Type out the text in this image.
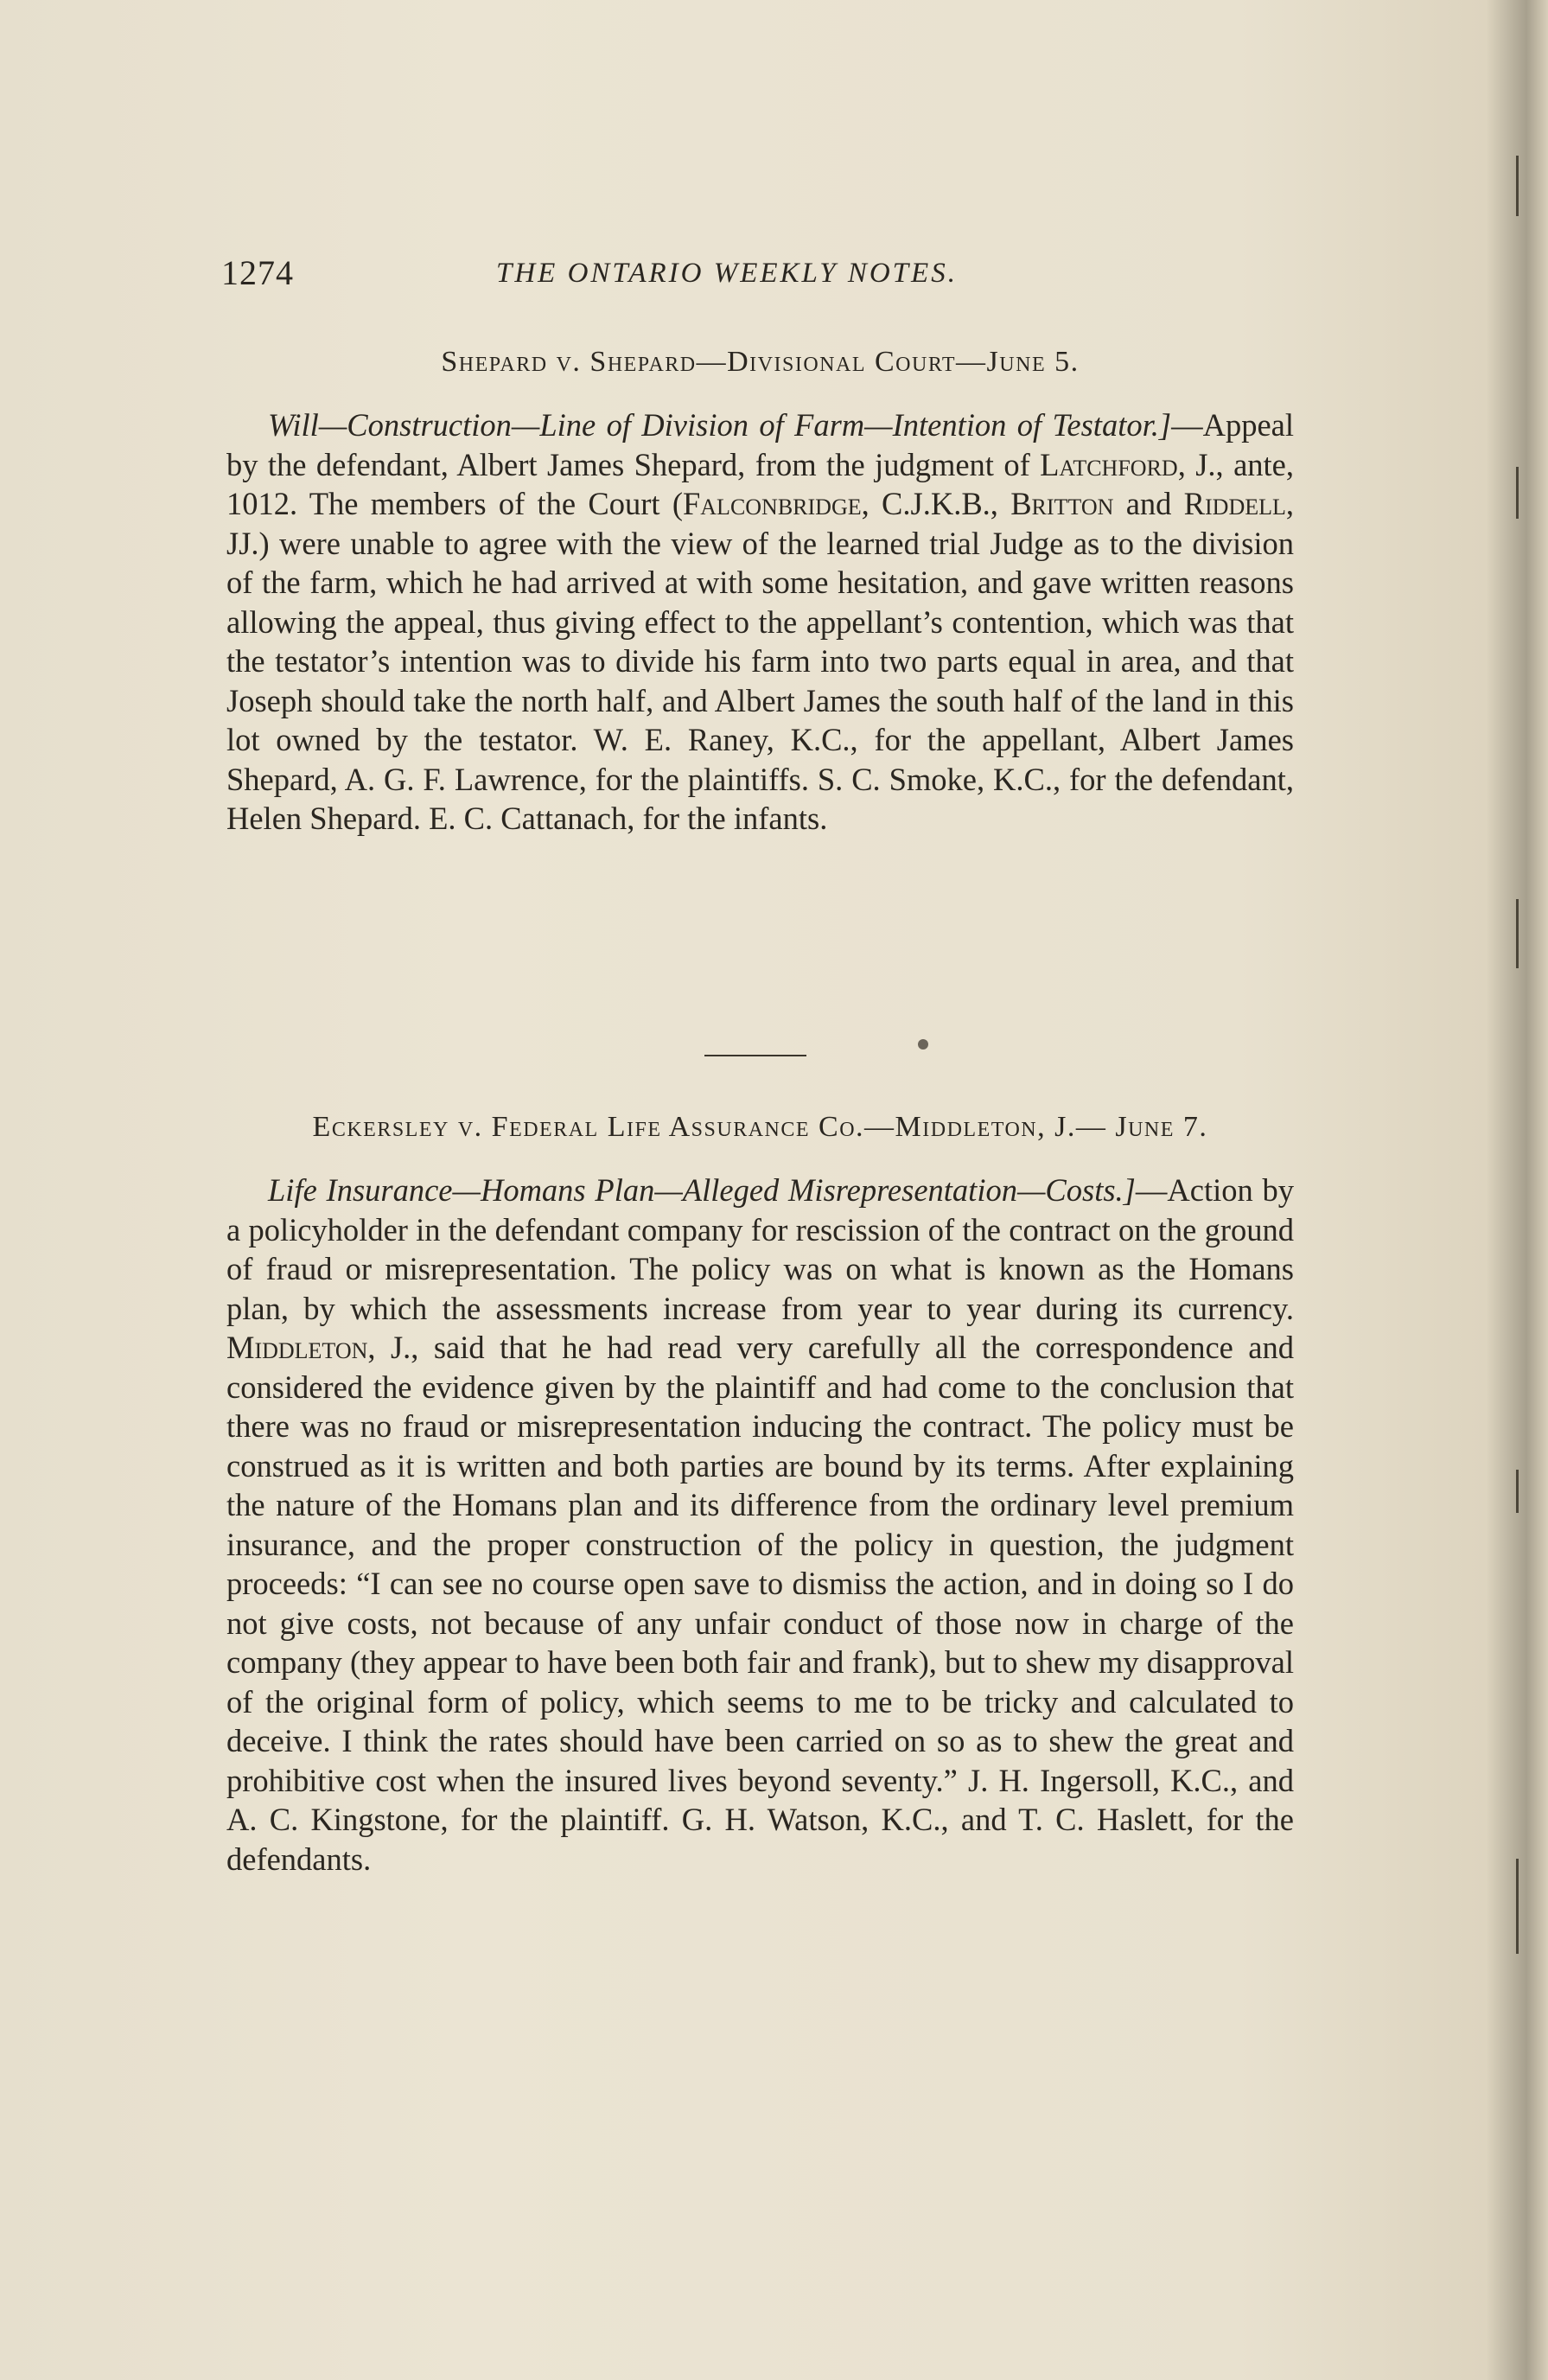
1274	THE ONTARIO WEEKLY NOTES.
Shepard v. Shepard—Divisional Court—June 5.
Will—Construction—Line of Division of Farm—Intention of Testator.]—Appeal by the defendant, Albert James Shepard, from the judgment of Latchford, J., ante, 1012. The members of the Court (Falconbridge, C.J.K.B., Britton and Riddell, JJ.) were unable to agree with the view of the learned trial Judge as to the division of the farm, which he had arrived at with some hesitation, and gave written reasons allowing the appeal, thus giving effect to the appellant’s contention, which was that the testator’s intention was to divide his farm into two parts equal in area, and that Joseph should take the north half, and Albert James the south half of the land in this lot owned by the testator. W. E. Raney, K.C., for the appellant, Albert James Shepard, A. G. F. Lawrence, for the plaintiffs. S. C. Smoke, K.C., for the defendant, Helen Shepard. E. C. Cattanach, for the infants.
Eckersley v. Federal Life Assurance Co.—Middleton, J.— June 7.
Life Insurance—Homans Plan—Alleged Misrepresentation—Costs.]—Action by a policyholder in the defendant company for rescission of the contract on the ground of fraud or misrepresentation. The policy was on what is known as the Homans plan, by which the assessments increase from year to year during its currency. Middleton, J., said that he had read very carefully all the correspondence and considered the evidence given by the plaintiff and had come to the conclusion that there was no fraud or misrepresentation inducing the contract. The policy must be construed as it is written and both parties are bound by its terms. After explaining the nature of the Homans plan and its difference from the ordinary level premium insurance, and the proper construction of the policy in question, the judgment proceeds: “I can see no course open save to dismiss the action, and in doing so I do not give costs, not because of any unfair conduct of those now in charge of the company (they appear to have been both fair and frank), but to shew my disapproval of the original form of policy, which seems to me to be tricky and calculated to deceive. I think the rates should have been carried on so as to shew the great and prohibitive cost when the insured lives beyond seventy.” J. H. Ingersoll, K.C., and A. C. Kingstone, for the plaintiff. G. H. Watson, K.C., and T. C. Haslett, for the defendants.
